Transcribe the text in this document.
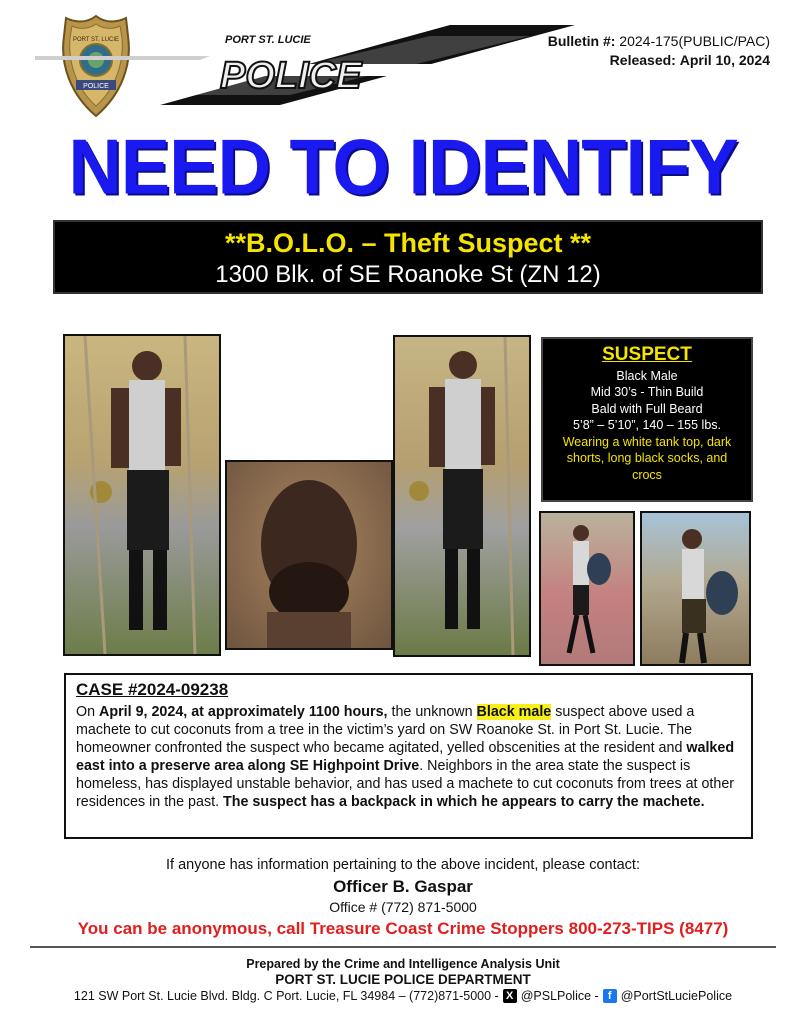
PORT ST. LUCIE
POLICE
PORT ST. LUCIE
POLICE
Bulletin #: 2024-175(PUBLIC/PAC)
Released: April 10, 2024
NEED TO IDENTIFY
**B.O.L.O. – Theft Suspect **
1300 Blk. of SE Roanoke St (ZN 12)
SUSPECT
Black Male
Mid 30’s - Thin Build
Bald with Full Beard
5’8” – 5’10”, 140 – 155 lbs.
Wearing a white tank top, dark shorts, long black socks, and crocs
CASE #2024-09238
On April 9, 2024, at approximately 1100 hours, the unknown Black male suspect above used a machete to cut coconuts from a tree in the victim’s yard on SW Roanoke St. in Port St. Lucie. The homeowner confronted the suspect who became agitated, yelled obscenities at the resident and walked east into a preserve area along SE Highpoint Drive. Neighbors in the area state the suspect is homeless, has displayed unstable behavior, and has used a machete to cut coconuts from trees at other residences in the past. The suspect has a backpack in which he appears to carry the machete.
If anyone has information pertaining to the above incident, please contact:
Officer B. Gaspar
Office # (772) 871-5000
You can be anonymous, call Treasure Coast Crime Stoppers 800-273-TIPS (8477)
Prepared by the Crime and Intelligence Analysis Unit
PORT ST. LUCIE POLICE DEPARTMENT
121 SW Port St. Lucie Blvd. Bldg. C Port. Lucie, FL 34984 – (772)871-5000 - X @PSLPolice - f @PortStLuciePolice
